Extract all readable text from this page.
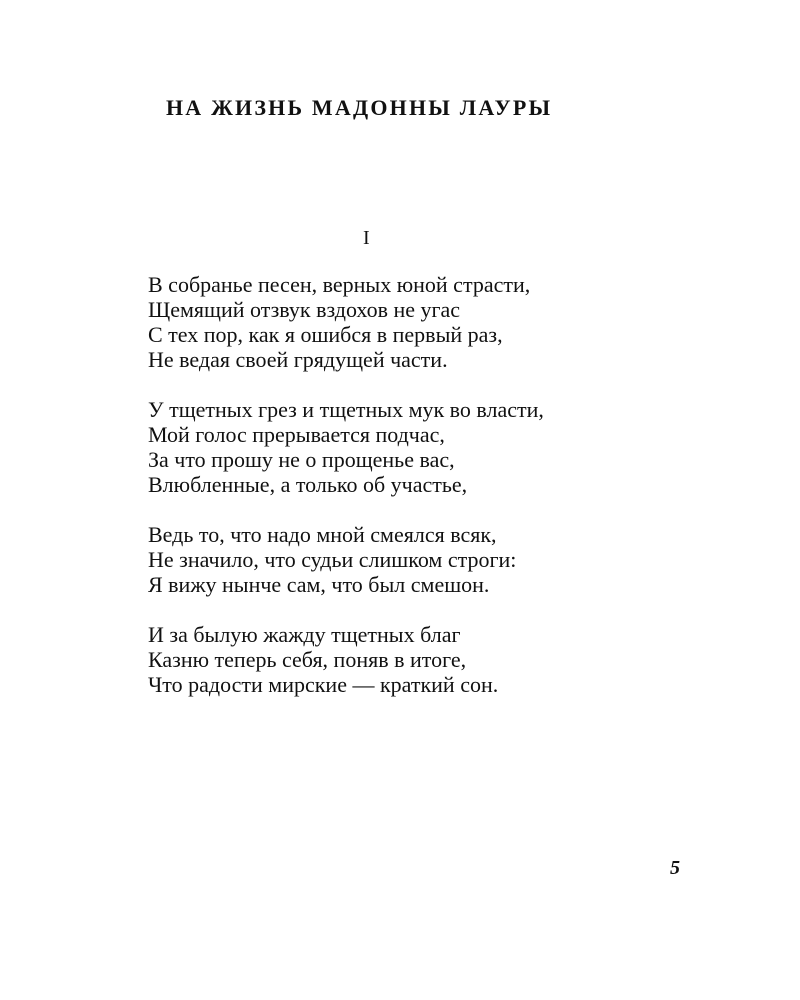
НА ЖИЗНЬ МАДОННЫ ЛАУРЫ
I
В собранье песен, верных юной страсти,
Щемящий отзвук вздохов не угас
С тех пор, как я ошибся в первый раз,
Не ведая своей грядущей части.
У тщетных грез и тщетных мук во власти,
Мой голос прерывается подчас,
За что прошу не о прощенье вас,
Влюбленные, а только об участье,
Ведь то, что надо мной смеялся всяк,
Не значило, что судьи слишком строги:
Я вижу нынче сам, что был смешон.
И за былую жажду тщетных благ
Казню теперь себя, поняв в итоге,
Что радости мирские — краткий сон.

5
